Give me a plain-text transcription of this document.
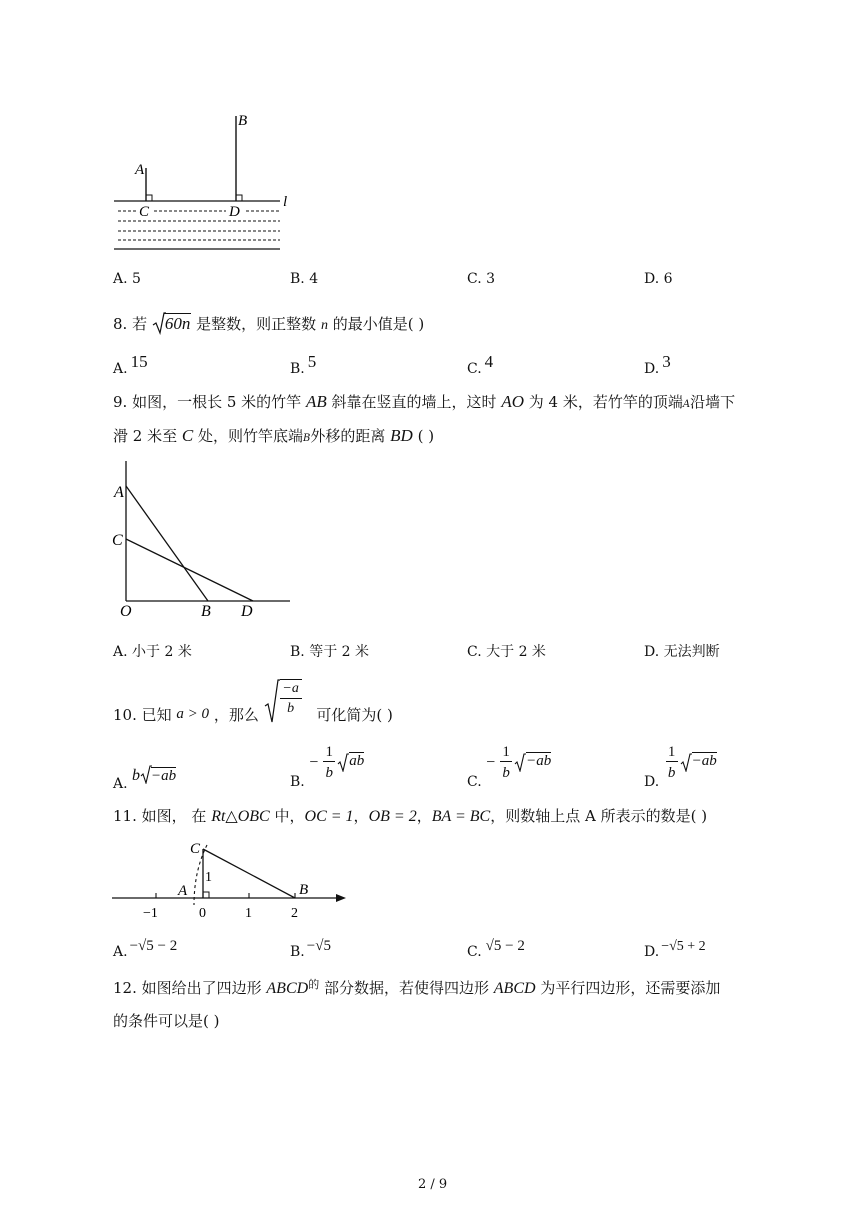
A
B
C	D
l
A. 5	B. 4	C. 3	D. 6
8. 若 60n 是整数，则正整数 n 的最小值是( )
A. 15	B. 5	C. 4	D. 3
9. 如图，一根长 5 米的竹竿 AB 斜靠在竖直的墙上，这时 AO 为 4 米，若竹竿的顶端A沿墙下
滑 2 米至 C 处，则竹竿底端B外移的距离 BD ( )
A
C
O	B D
A. 小于 2 米	B. 等于 2 米	C. 大于 2 米	D. 无法判断
10. 已知 a > 0 ，那么 $\frac{-a}{b}$ 可化简为( )
A. b −ab	B.
−
1
b
ab
C.
−
1
b
−ab
D.
1
b
−ab
11. 如图， 在 Rt△OBC 中，OC = 1，OB = 2，BA = BC，则数轴上点 A 所表示的数是( )
C
A	B
1
−1	0	1	2
A. −√5 − 2	B. −√5	C. √5 − 2	D. −√5 + 2
12. 如图给出了四边形 $ABCD^的$ 部分数据，若使得四边形 ABCD 为平行四边形，还需要添加
的条件可以是( )
2 / 9
